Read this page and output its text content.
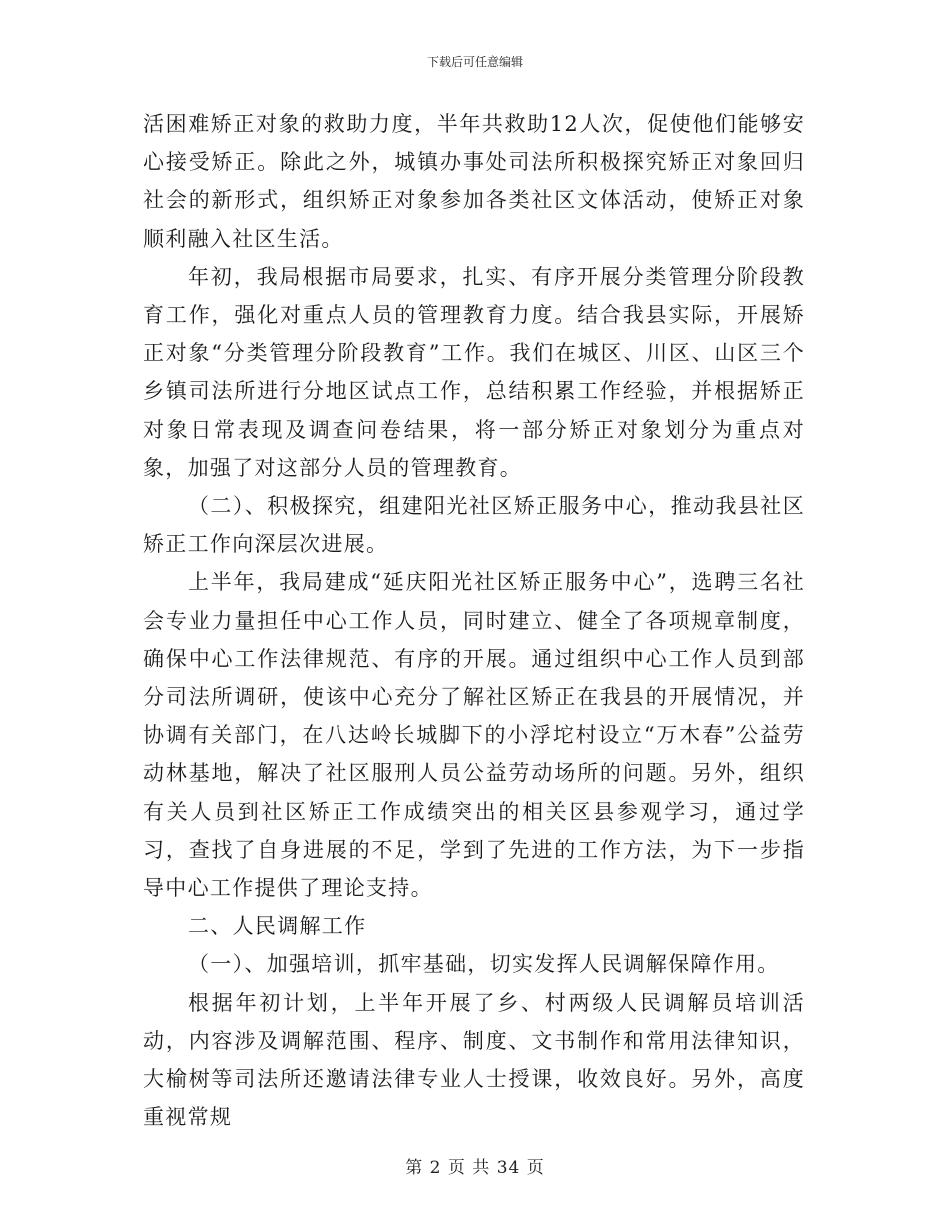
下载后可任意编辑

活困难矫正对象的救助力度，半年共救助12人次，促使他们能够安心接受矫正。除此之外，城镇办事处司法所积极探究矫正对象回归社会的新形式，组织矫正对象参加各类社区文体活动，使矫正对象顺利融入社区生活。

年初，我局根据市局要求，扎实、有序开展分类管理分阶段教育工作，强化对重点人员的管理教育力度。结合我县实际，开展矫正对象“分类管理分阶段教育”工作。我们在城区、川区、山区三个乡镇司法所进行分地区试点工作，总结积累工作经验，并根据矫正对象日常表现及调查问卷结果，将一部分矫正对象划分为重点对象，加强了对这部分人员的管理教育。

（二）、积极探究，组建阳光社区矫正服务中心，推动我县社区矫正工作向深层次进展。

上半年，我局建成“延庆阳光社区矫正服务中心”，选聘三名社会专业力量担任中心工作人员，同时建立、健全了各项规章制度，确保中心工作法律规范、有序的开展。通过组织中心工作人员到部分司法所调研，使该中心充分了解社区矫正在我县的开展情况，并协调有关部门，在八达岭长城脚下的小浮坨村设立“万木春”公益劳动林基地，解决了社区服刑人员公益劳动场所的问题。另外，组织有关人员到社区矫正工作成绩突出的相关区县参观学习，通过学习，查找了自身进展的不足，学到了先进的工作方法，为下一步指导中心工作提供了理论支持。

二、人民调解工作

（一）、加强培训，抓牢基础，切实发挥人民调解保障作用。

根据年初计划，上半年开展了乡、村两级人民调解员培训活动，内容涉及调解范围、程序、制度、文书制作和常用法律知识，大榆树等司法所还邀请法律专业人士授课，收效良好。另外，高度重视常规

第 2 页 共 34 页
